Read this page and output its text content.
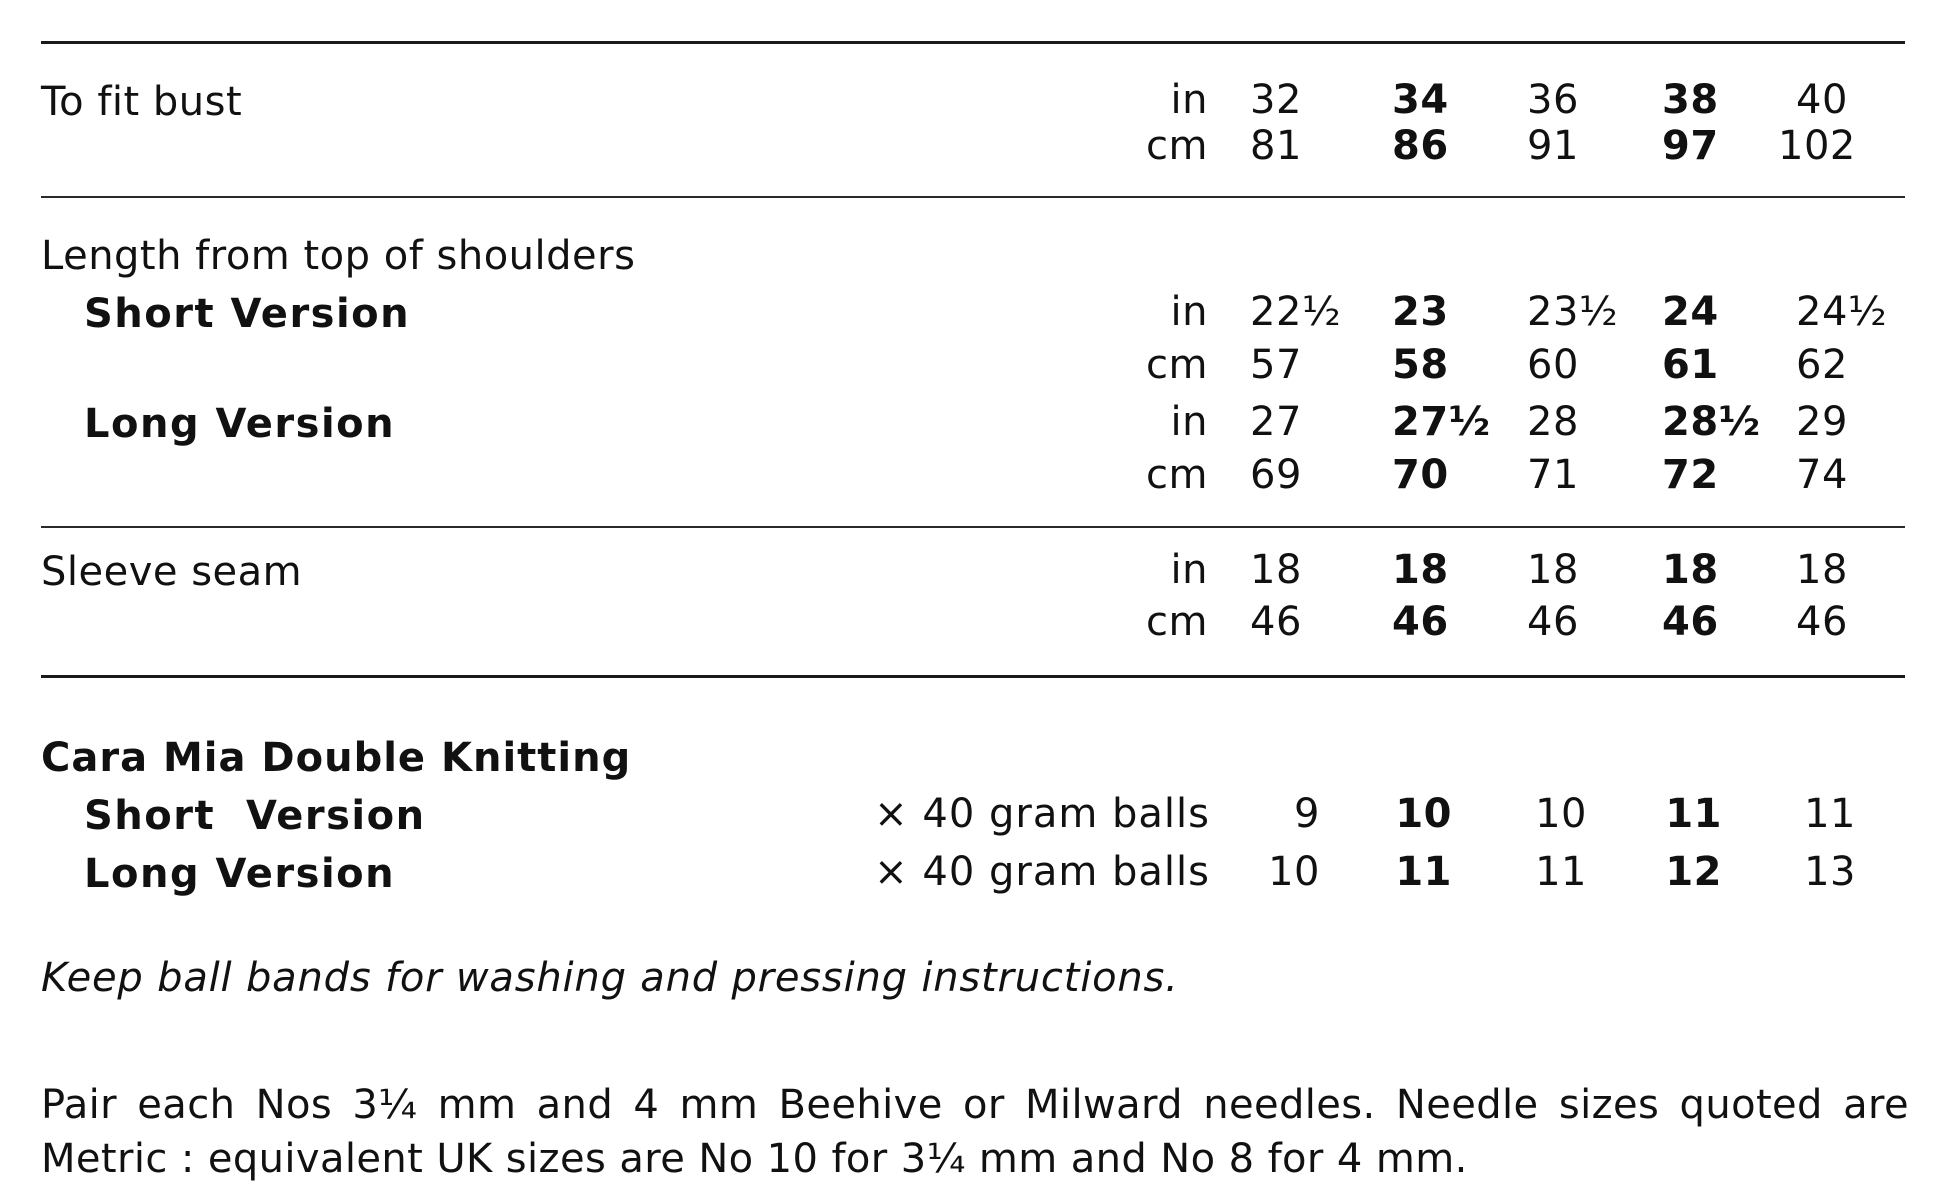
To fit bust	in 32	34	36	38	40
cm 81	86	91	97	102
Length from top of shoulders
Short Version	in 22½	23	23½	24	24½
cm 57	58	60	61	62
Long Version	in 27	27½ 28	28½ 29
cm 69	70	71	72	74
Sleeve seam	in 18	18	18	18	18
cm 46	46	46	46	46
Cara Mia Double Knitting
Short  Version	× 40 gram balls	9 10 10 11 11
Long Version	× 40 gram balls	10 11 11 12 13
Keep ball bands for washing and pressing instructions.
Pair each Nos 3¼ mm and 4 mm Beehive or Milward needles. Needle sizes quoted are
Metric : equivalent UK sizes are No 10 for 3¼ mm and No 8 for 4 mm.
